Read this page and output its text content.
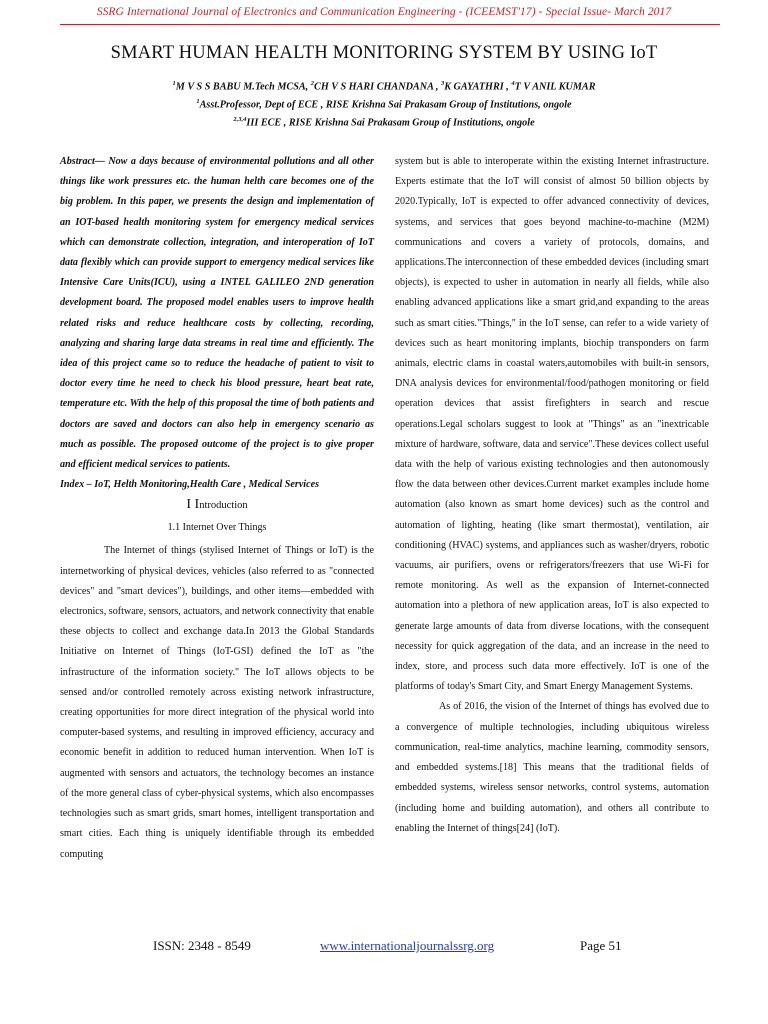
SSRG International Journal of Electronics and Communication Engineering - (ICEEMST'17) - Special Issue- March 2017
SMART HUMAN HEALTH MONITORING SYSTEM BY USING IoT
$^1$M V S S BABU M.Tech MCSA, $^2$CH V S HARI CHANDANA , $^3$K GAYATHRI , $^4$T V ANIL KUMAR
$^1$Asst.Professor, Dept of ECE , RISE Krishna Sai Prakasam Group of Institutions, ongole
$^{2,3,4}$III ECE , RISE Krishna Sai Prakasam Group of Institutions, ongole

Abstract— Now a days because of environmental pollutions and all other things like work pressures etc. the human helth care becomes one of the big problem. In this paper, we presents the design and implementation of an IOT-based health monitoring system for emergency medical services which can demonstrate collection, integration, and interoperation of IoT data flexibly which can provide support to emergency medical services like Intensive Care Units(ICU), using a INTEL GALILEO 2ND generation development board. The proposed model enables users to improve health related risks and reduce healthcare costs by collecting, recording, analyzing and sharing large data streams in real time and efficiently. The idea of this project came so to reduce the headache of patient to visit to doctor every time he need to check his blood pressure, heart beat rate, temperature etc. With the help of this proposal the time of both patients and doctors are saved and doctors can also help in emergency scenario as much as possible. The proposed outcome of the project is to give proper and efficient medical services to patients.

Index – IoT, Helth Monitoring,Health Care , Medical Services

I Introduction

1.1 Internet Over Things

The Internet of things (stylised Internet of Things or IoT) is the internetworking of physical devices, vehicles (also referred to as "connected devices" and "smart devices"), buildings, and other items—embedded with electronics, software, sensors, actuators, and network connectivity that enable these objects to collect and exchange data.In 2013 the Global Standards Initiative on Internet of Things (IoT-GSI) defined the IoT as "the infrastructure of the information society." The IoT allows objects to be sensed and/or controlled remotely across existing network infrastructure, creating opportunities for more direct integration of the physical world into computer-based systems, and resulting in improved efficiency, accuracy and economic benefit in addition to reduced human intervention. When IoT is augmented with sensors and actuators, the technology becomes an instance of the more general class of cyber-physical systems, which also encompasses technologies such as smart grids, smart homes, intelligent transportation and smart cities. Each thing is uniquely identifiable through its embedded computing

system but is able to interoperate within the existing Internet infrastructure. Experts estimate that the IoT will consist of almost 50 billion objects by 2020.Typically, IoT is expected to offer advanced connectivity of devices, systems, and services that goes beyond machine-to-machine (M2M) communications and covers a variety of protocols, domains, and applications.The interconnection of these embedded devices (including smart objects), is expected to usher in automation in nearly all fields, while also enabling advanced applications like a smart grid,and expanding to the areas such as smart cities."Things," in the IoT sense, can refer to a wide variety of devices such as heart monitoring implants, biochip transponders on farm animals, electric clams in coastal waters,automobiles with built-in sensors, DNA analysis devices for environmental/food/pathogen monitoring or field operation devices that assist firefighters in search and rescue operations.Legal scholars suggest to look at "Things" as an "inextricable mixture of hardware, software, data and service".These devices collect useful data with the help of various existing technologies and then autonomously flow the data between other devices.Current market examples include home automation (also known as smart home devices) such as the control and automation of lighting, heating (like smart thermostat), ventilation, air conditioning (HVAC) systems, and appliances such as washer/dryers, robotic vacuums, air purifiers, ovens or refrigerators/freezers that use Wi-Fi for remote monitoring. As well as the expansion of Internet-connected automation into a plethora of new application areas, IoT is also expected to generate large amounts of data from diverse locations, with the consequent necessity for quick aggregation of the data, and an increase in the need to index, store, and process such data more effectively. IoT is one of the platforms of today's Smart City, and Smart Energy Management Systems.

As of 2016, the vision of the Internet of things has evolved due to a convergence of multiple technologies, including ubiquitous wireless communication, real-time analytics, machine learning, commodity sensors, and embedded systems.[18] This means that the traditional fields of embedded systems, wireless sensor networks, control systems, automation (including home and building automation), and others all contribute to enabling the Internet of things[24] (IoT).

ISSN: 2348 - 8549	www.internationaljournalssrg.org	Page 51
